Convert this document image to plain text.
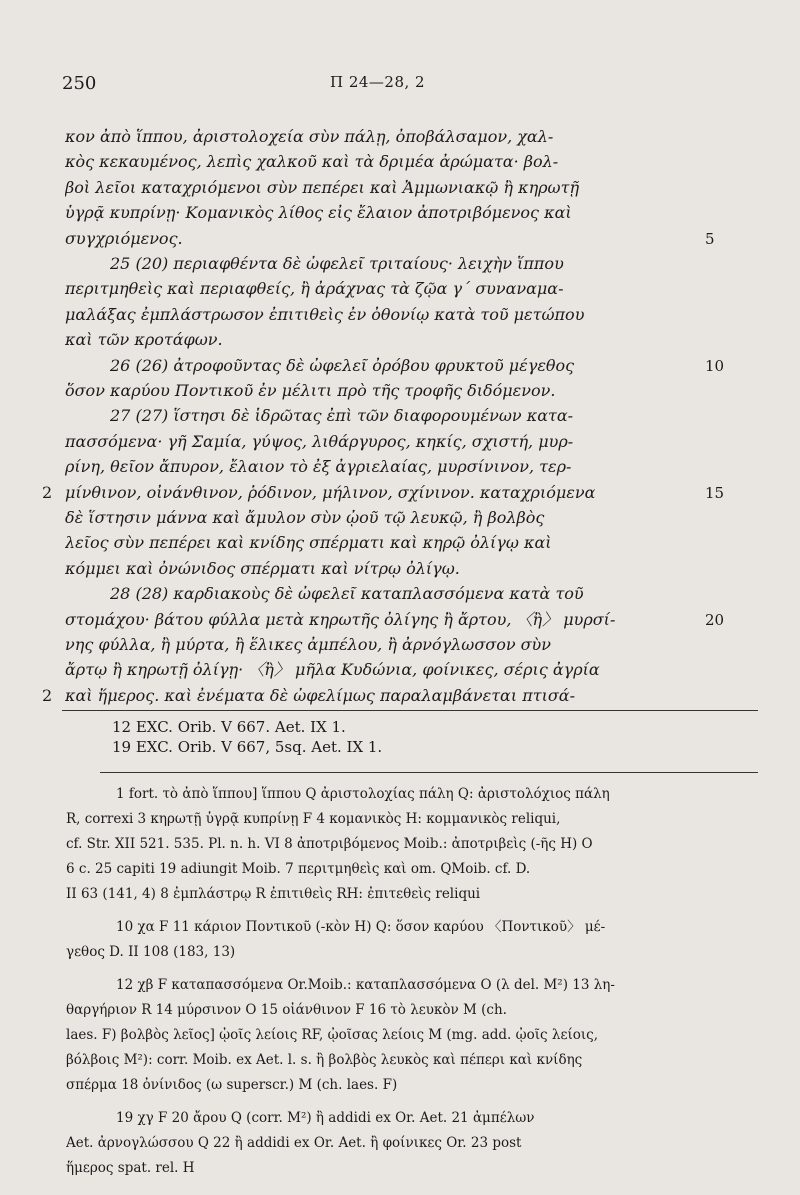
250	Π 24—28, 2
κον ἀπὸ ἵππου, ἀριστολοχεία σὺν πάλῃ, ὀποβάλσαμον, χαλ-
κὸς κεκαυμένος, λεπὶς χαλκοῦ καὶ τὰ δριμέα ἀρώματα· βολ-
βοὶ λεῖοι καταχριόμενοι σὺν πεπέρει καὶ Ἀμμωνιακῷ ἢ κηρωτῇ
ὑγρᾷ κυπρίνῃ· Κομανικὸς λίθος εἰς ἔλαιον ἀποτριβόμενος καὶ
συγχριόμενος.	5
25 (20) περιαφθέντα δὲ ὠφελεῖ τριταίους· λειχὴν ἵππου
περιτμηθεὶς καὶ περιαφθείς, ἢ ἀράχνας τὰ ζῷα γ΄ συναναμα-
μαλάξας ἐμπλάστρωσον ἐπιτιθεὶς ἐν ὀθονίῳ κατὰ τοῦ μετώπου
καὶ τῶν κροτάφων.
26 (26) ἀτροφοῦντας δὲ ὠφελεῖ ὀρόβου φρυκτοῦ μέγεθος	10
ὅσον καρύου Ποντικοῦ ἐν μέλιτι πρὸ τῆς τροφῆς διδόμενον.
27 (27) ἵστησι δὲ ἱδρῶτας ἐπὶ τῶν διαφορουμένων κατα-
πασσόμενα· γῆ Σαμία, γύψος, λιθάργυρος, κηκίς, σχιστή, μυρ-
ρίνη, θεῖον ἄπυρον, ἔλαιον τὸ ἐξ ἀγριελαίας, μυρσίνινον, τερ-
μίνθινον, οἰνάνθινον, ῥόδινον, μήλινον, σχίνινον. καταχριόμενα	15
2
δὲ ἵστησιν μάννα καὶ ἄμυλον σὺν ᾠοῦ τῷ λευκῷ, ἢ βολβὸς
λεῖος σὺν πεπέρει καὶ κνίδης σπέρματι καὶ κηρῷ ὀλίγῳ καὶ
κόμμει καὶ ὀνώνιδος σπέρματι καὶ νίτρῳ ὀλίγῳ.
28 (28) καρδιακοὺς δὲ ὠφελεῖ καταπλασσόμενα κατὰ τοῦ
στομάχου· βάτου φύλλα μετὰ κηρωτῆς ὀλίγης ἢ ἄρτου, 〈ἢ〉 μυρσί-	20
νης φύλλα, ἢ μύρτα, ἢ ἕλικες ἀμπέλου, ἢ ἀρνόγλωσσον σὺν
ἄρτῳ ἢ κηρωτῇ ὀλίγῃ· 〈ἢ〉 μῆλα Κυδώνια, φοίνικες, σέρις ἀγρία
καὶ ἥμερος. καὶ ἐνέματα δὲ ὠφελίμως παραλαμβάνεται πτισά-
2
12 EXC. Orib. V 667. Aet. IX 1.
19 EXC. Orib. V 667, 5sq. Aet. IX 1.
1 fort. τὸ ἀπὸ ἵππου] ἵππου Q ἀριστολοχίας πάλη Q: ἀριστολόχιος πάλη
R, correxi 3 κηρωτῇ ὑγρᾷ κυπρίνῃ F 4 κομανικὸς H: κομμανικὸς reliqui,
cf. Str. XII 521. 535. Pl. n. h. VI 8 ἀποτριβόμενος Moib.: ἀποτριβεὶς (-ῆς H) O
6 c. 25 capiti 19 adiungit Moib. 7 περιτμηθεὶς καὶ om. QMoib. cf. D.
II 63 (141, 4) 8 ἐμπλάστρῳ R ἐπιτιθεὶς RH: ἐπιτεθεὶς reliqui
10 χα F 11 κάριον Ποντικοῦ (-κὸν H) Q: ὅσον καρύου 〈Ποντικοῦ〉 μέ-
γεθος D. II 108 (183, 13)
12 χβ F καταπασσόμενα Or.Moib.: καταπλασσόμενα O (λ del. M²) 13 λη-
θαργήριον R 14 μύρσινον O 15 οἰάνθινον F 16 τὸ λευκὸν M (ch.
laes. F) βολβὸς λεῖος] ᾠοῖς λείοις RF, ᾠοῖσας λείοις M (mg. add. ᾠοῖς λείοις,
βόλβοις M²): corr. Moib. ex Aet. l. s. ἢ βολβὸς λευκὸς καὶ πέπερι καὶ κνίδης
σπέρμα 18 ὀνίνιδος (ω superscr.) M (ch. laes. F)
19 χγ F 20 ἄρου Q (corr. M²) ἢ addidi ex Or. Aet. 21 ἀμπέλων
Aet. ἀρνογλώσσου Q 22 ἢ addidi ex Or. Aet. ἢ φοίνικες Or. 23 post
ἥμερος spat. rel. H
